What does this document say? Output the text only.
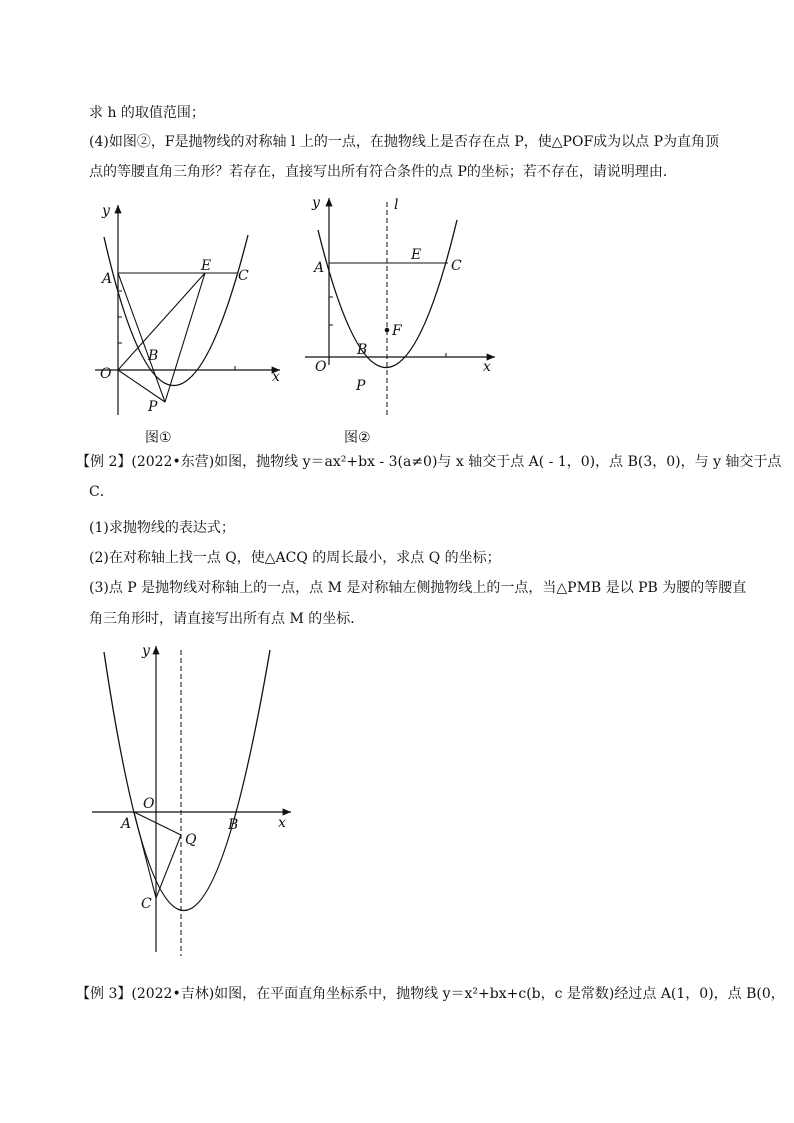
求 h 的取值范围；
(4)如图②，F是抛物线的对称轴 l 上的一点，在抛物线上是否存在点 P，使△POF成为以点 P为直角顶
点的等腰直角三角形？若存在，直接写出所有符合条件的点 P的坐标；若不存在，请说明理由．
y
x
O
A
B
E
C
P
图①
y	l
x
O
A
B
E
C
F
P
图②
【例 2】(2022•东营)如图，抛物线 y＝ax²+bx - 3(a≠0)与 x 轴交于点 A( - 1，0)，点 B(3，0)，与 y 轴交于点
C．
(1)求抛物线的表达式；
(2)在对称轴上找一点 Q，使△ACQ 的周长最小，求点 Q 的坐标；
(3)点 P 是抛物线对称轴上的一点，点 M 是对称轴左侧抛物线上的一点，当△PMB 是以 PB 为腰的等腰直
角三角形时，请直接写出所有点 M 的坐标．
y
x
O
A	B
Q
C
【例 3】(2022•吉林)如图，在平面直角坐标系中，抛物线 y＝x²+bx+c(b，c 是常数)经过点 A(1，0)，点 B(0，
